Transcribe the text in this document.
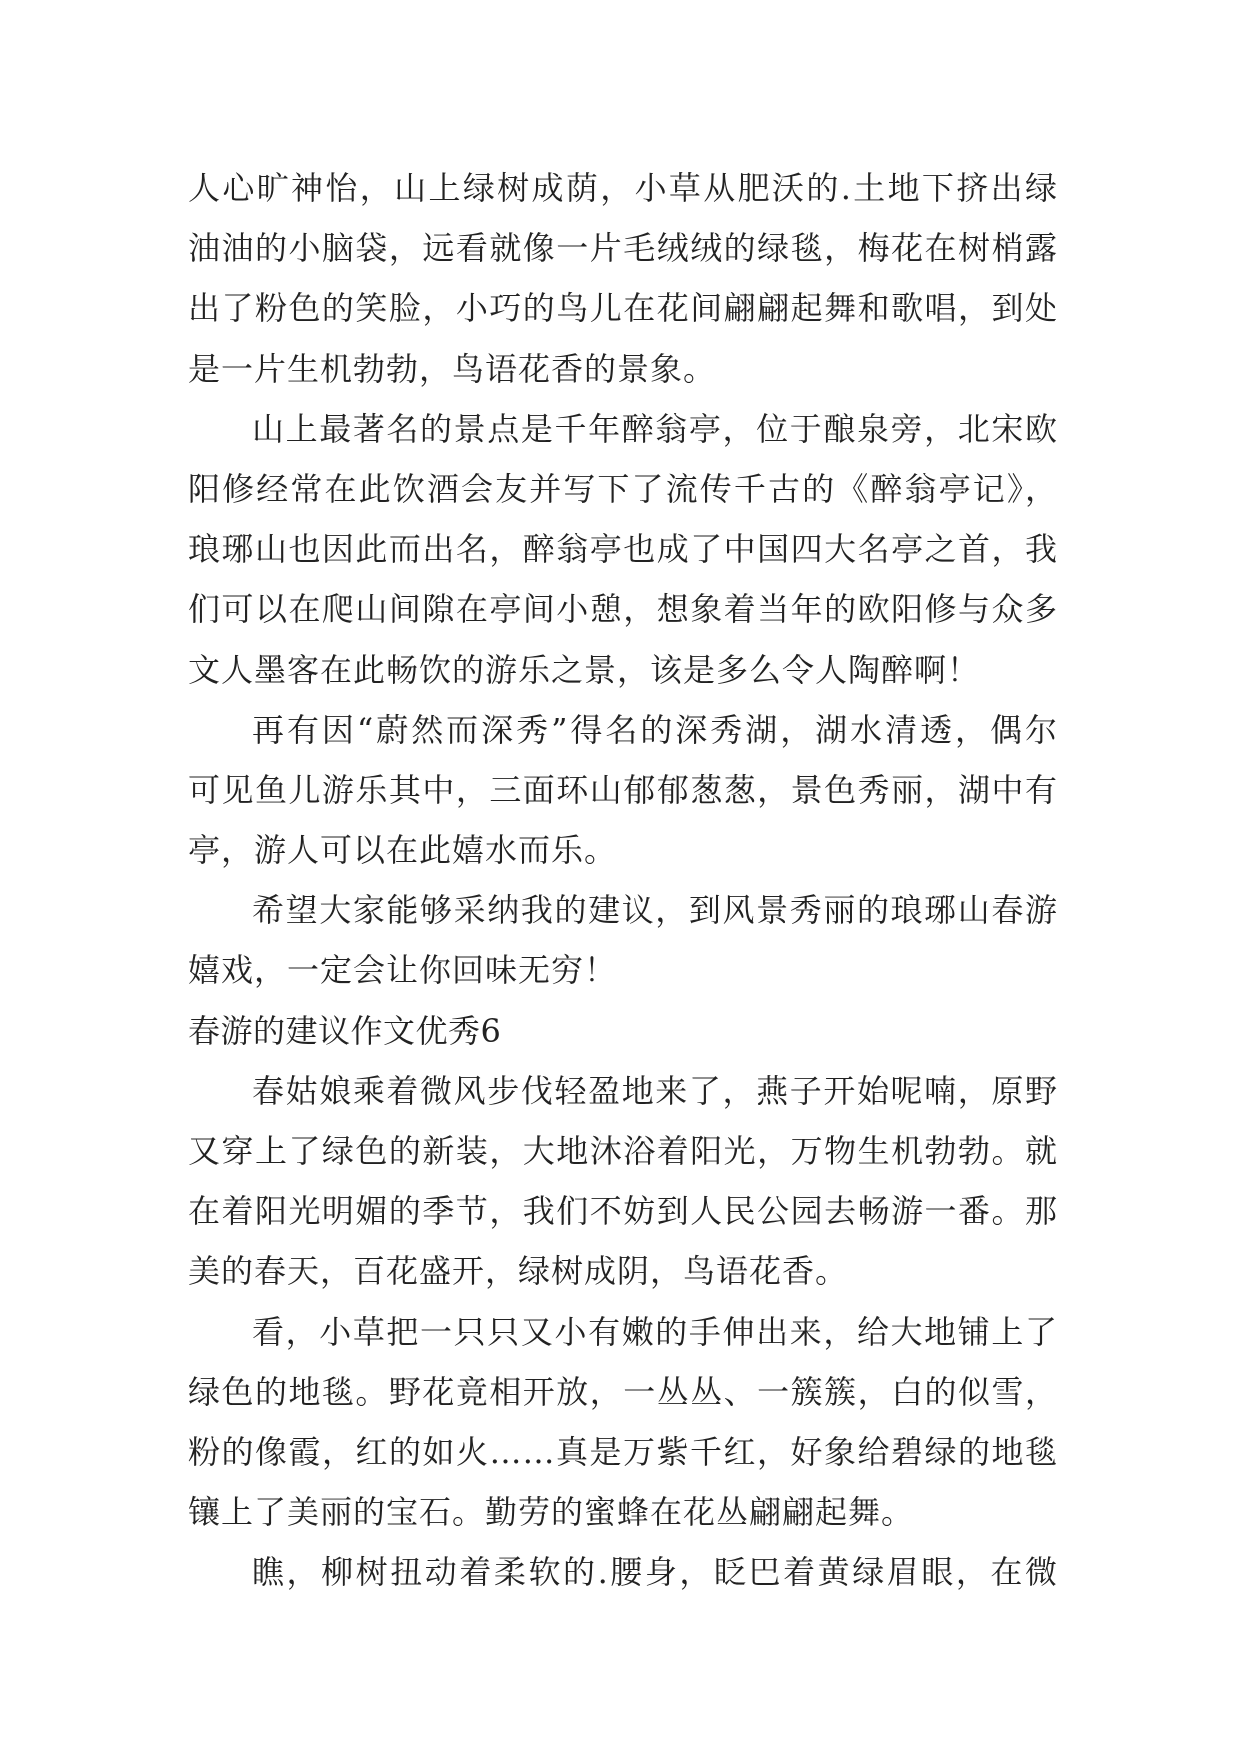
人心旷神怡，山上绿树成荫，小草从肥沃的.土地下挤出绿
油油的小脑袋，远看就像一片毛绒绒的绿毯，梅花在树梢露
出了粉色的笑脸，小巧的鸟儿在花间翩翩起舞和歌唱，到处
是一片生机勃勃，鸟语花香的景象。
山上最著名的景点是千年醉翁亭，位于酿泉旁，北宋欧
阳修经常在此饮酒会友并写下了流传千古的《醉翁亭记》，
琅琊山也因此而出名，醉翁亭也成了中国四大名亭之首，我
们可以在爬山间隙在亭间小憩，想象着当年的欧阳修与众多
文人墨客在此畅饮的游乐之景，该是多么令人陶醉啊！
再有因“蔚然而深秀”得名的深秀湖，湖水清透，偶尔
可见鱼儿游乐其中，三面环山郁郁葱葱，景色秀丽，湖中有
亭，游人可以在此嬉水而乐。
希望大家能够采纳我的建议，到风景秀丽的琅琊山春游
嬉戏，一定会让你回味无穷！
春游的建议作文优秀6
春姑娘乘着微风步伐轻盈地来了，燕子开始呢喃，原野
又穿上了绿色的新装，大地沐浴着阳光，万物生机勃勃。就
在着阳光明媚的季节，我们不妨到人民公园去畅游一番。那
美的春天，百花盛开，绿树成阴，鸟语花香。
看，小草把一只只又小有嫩的手伸出来，给大地铺上了
绿色的地毯。野花竟相开放，一丛丛、一簇簇，白的似雪，
粉的像霞，红的如火……真是万紫千红，好象给碧绿的地毯
镶上了美丽的宝石。勤劳的蜜蜂在花丛翩翩起舞。
瞧，柳树扭动着柔软的.腰身，眨巴着黄绿眉眼，在微
